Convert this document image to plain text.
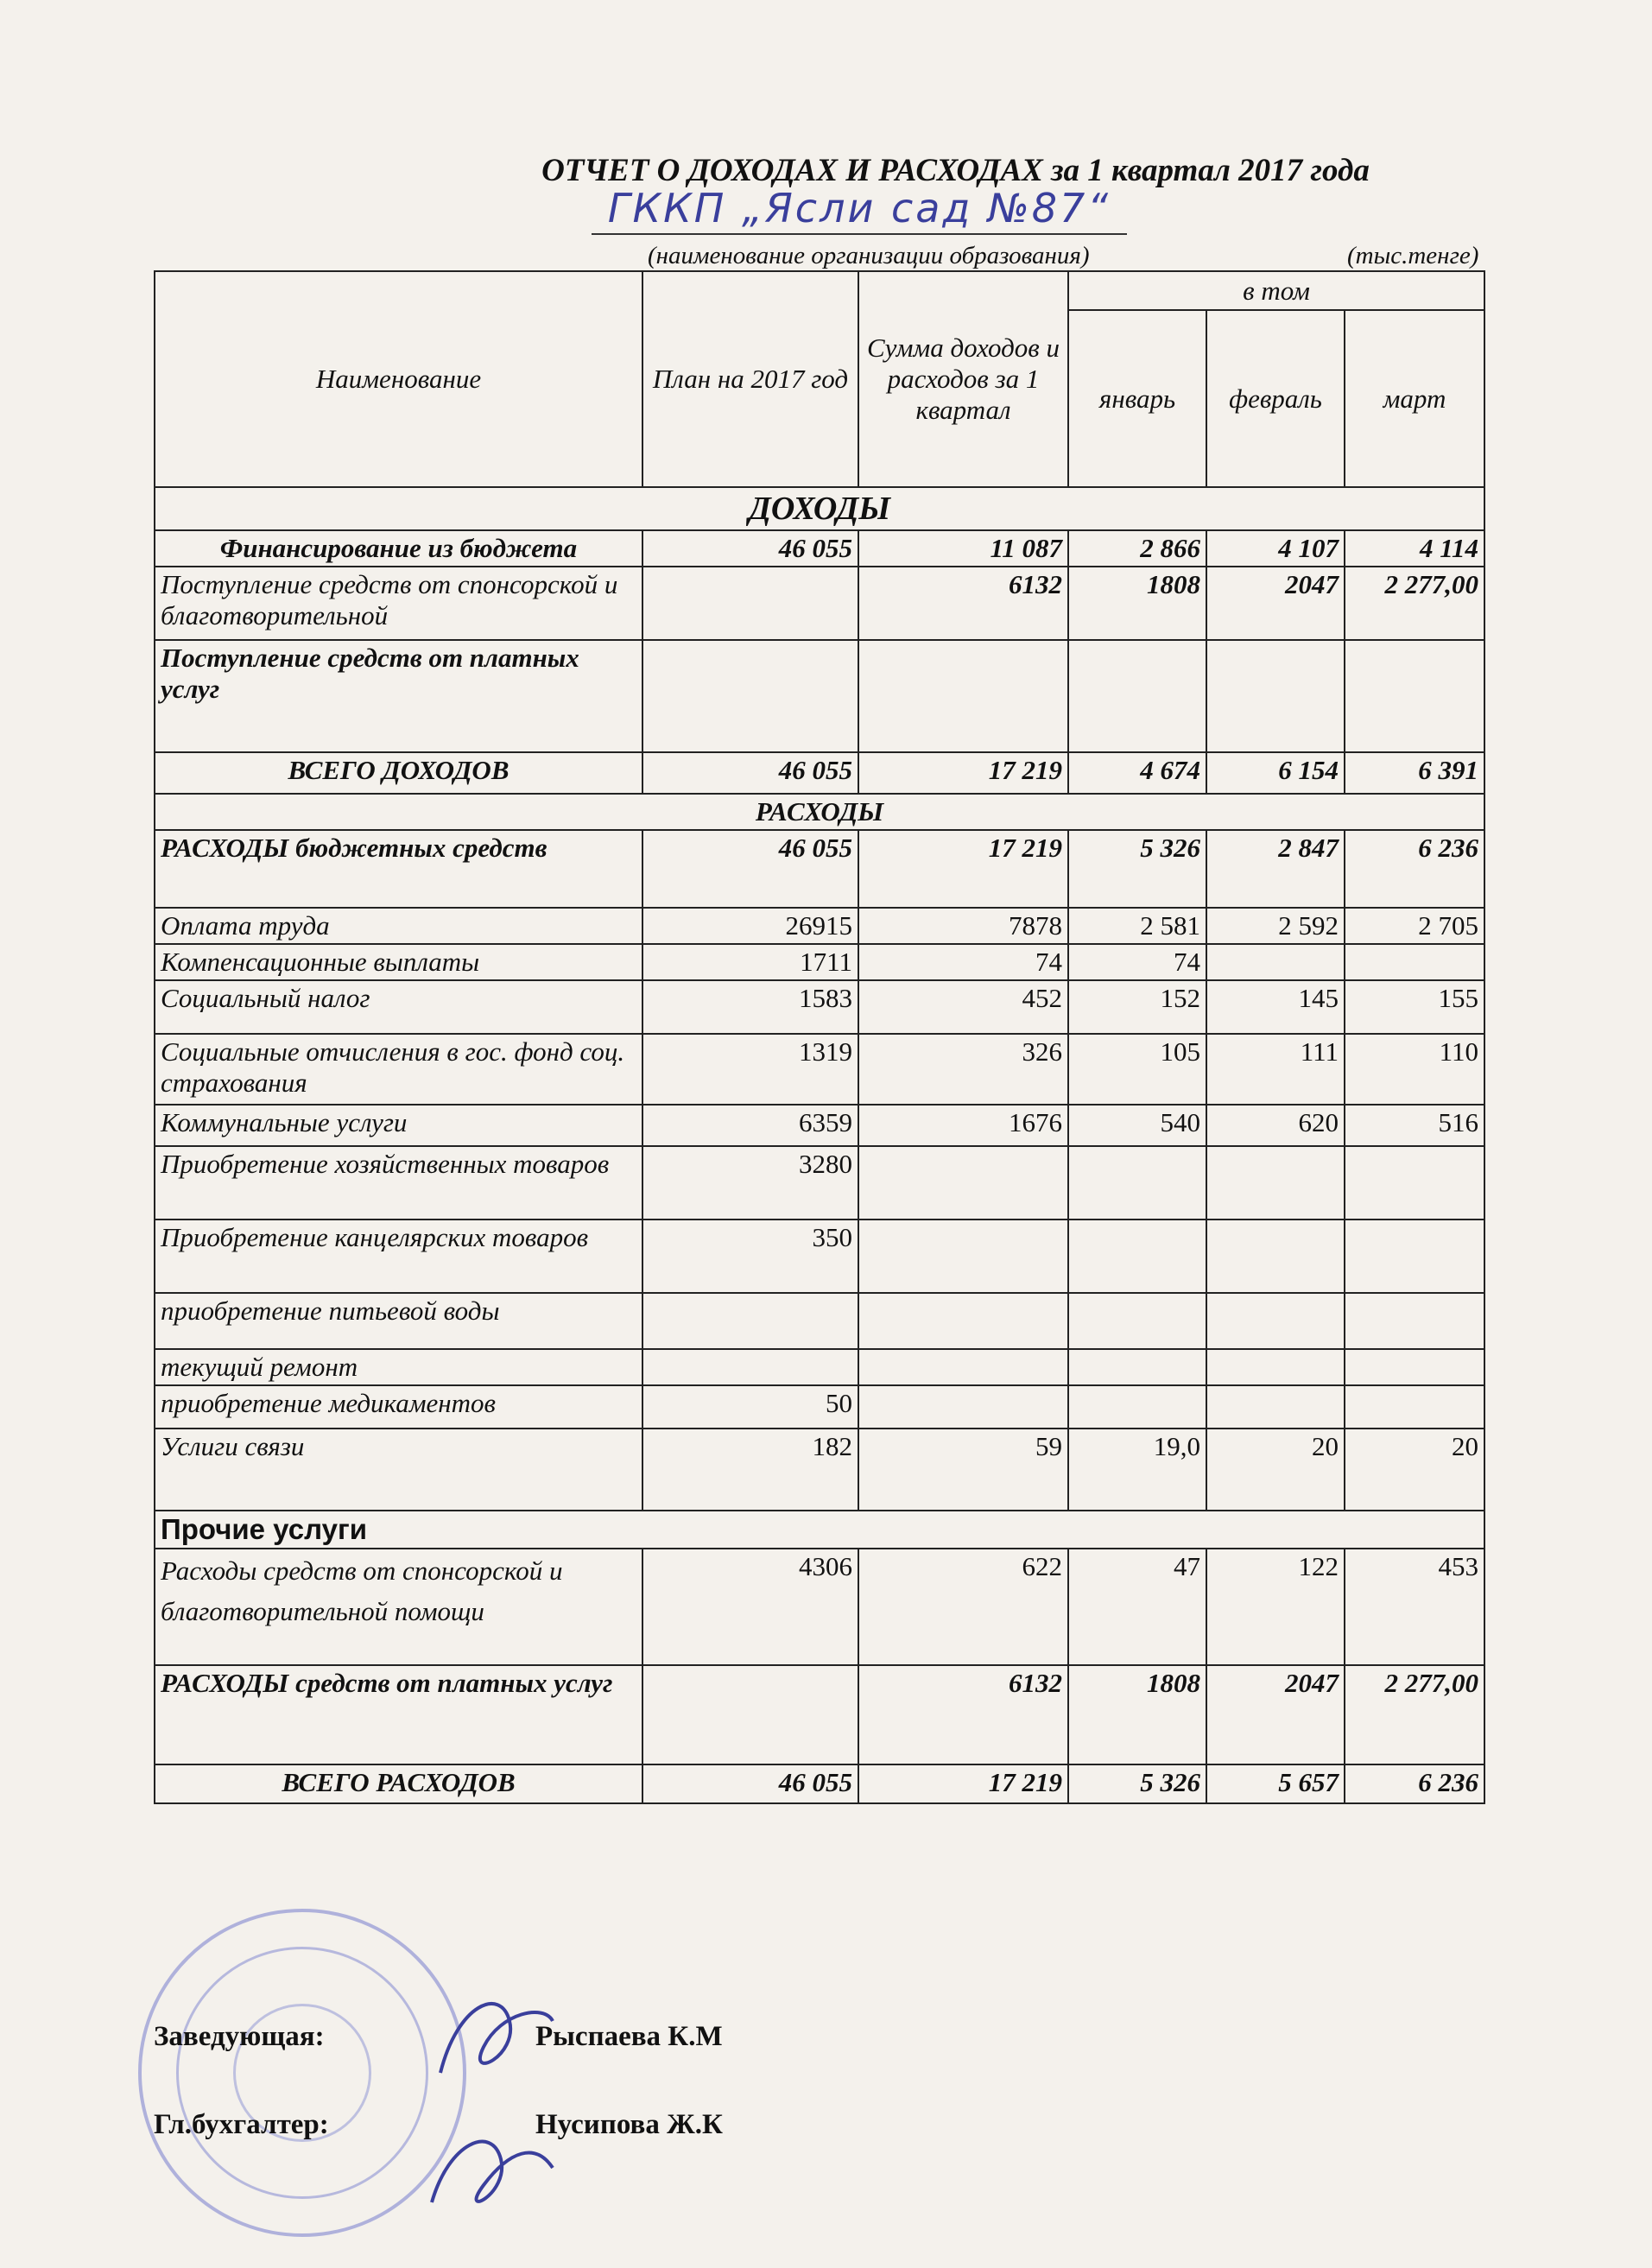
ОТЧЕТ О ДОХОДАХ И РАСХОДАХ за 1 квартал 2017 года
ГККП „Ясли сад №87“
(наименование организации образования)	(тыс.тенге)
Наименование	План на 2017 год	Сумма доходов и расходов за 1 квартал	в том		
			январь	февраль	март
ДОХОДЫ					
Финансирование из бюджета	46 055	11 087	2 866	4 107	4 114
Поступление средств от спонсорской и благотворительной		6132	1808	2047	2 277,00
Поступление средств от платных услуг					
ВСЕГО ДОХОДОВ	46 055	17 219	4 674	6 154	6 391
РАСХОДЫ					
РАСХОДЫ бюджетных средств	46 055	17 219	5 326	2 847	6 236
Оплата труда	26915	7878	2 581	2 592	2 705
Компенсационные выплаты	1711	74	74		
Социальный налог	1583	452	152	145	155
Социальные отчисления в гос. фонд соц. страхования	1319	326	105	111	110
Коммунальные услуги	6359	1676	540	620	516
Приобретение хозяйственных товаров	3280				
Приобретение канцелярских товаров	350				
приобретение питьевой воды					
текущий ремонт					
приобретение медикаментов	50				
Услиги связи	182	59	19,0	20	20
Прочие услуги					
Расходы средств от спонсорской и благотворительной помощи	4306	622	47	122	453
РАСХОДЫ средств от платных услуг		6132	1808	2047	2 277,00
ВСЕГО РАСХОДОВ	46 055	17 219	5 326	5 657	6 236
Заведующая:	Рыспаева К.М
Гл.бухгалтер:	Нусипова Ж.К
